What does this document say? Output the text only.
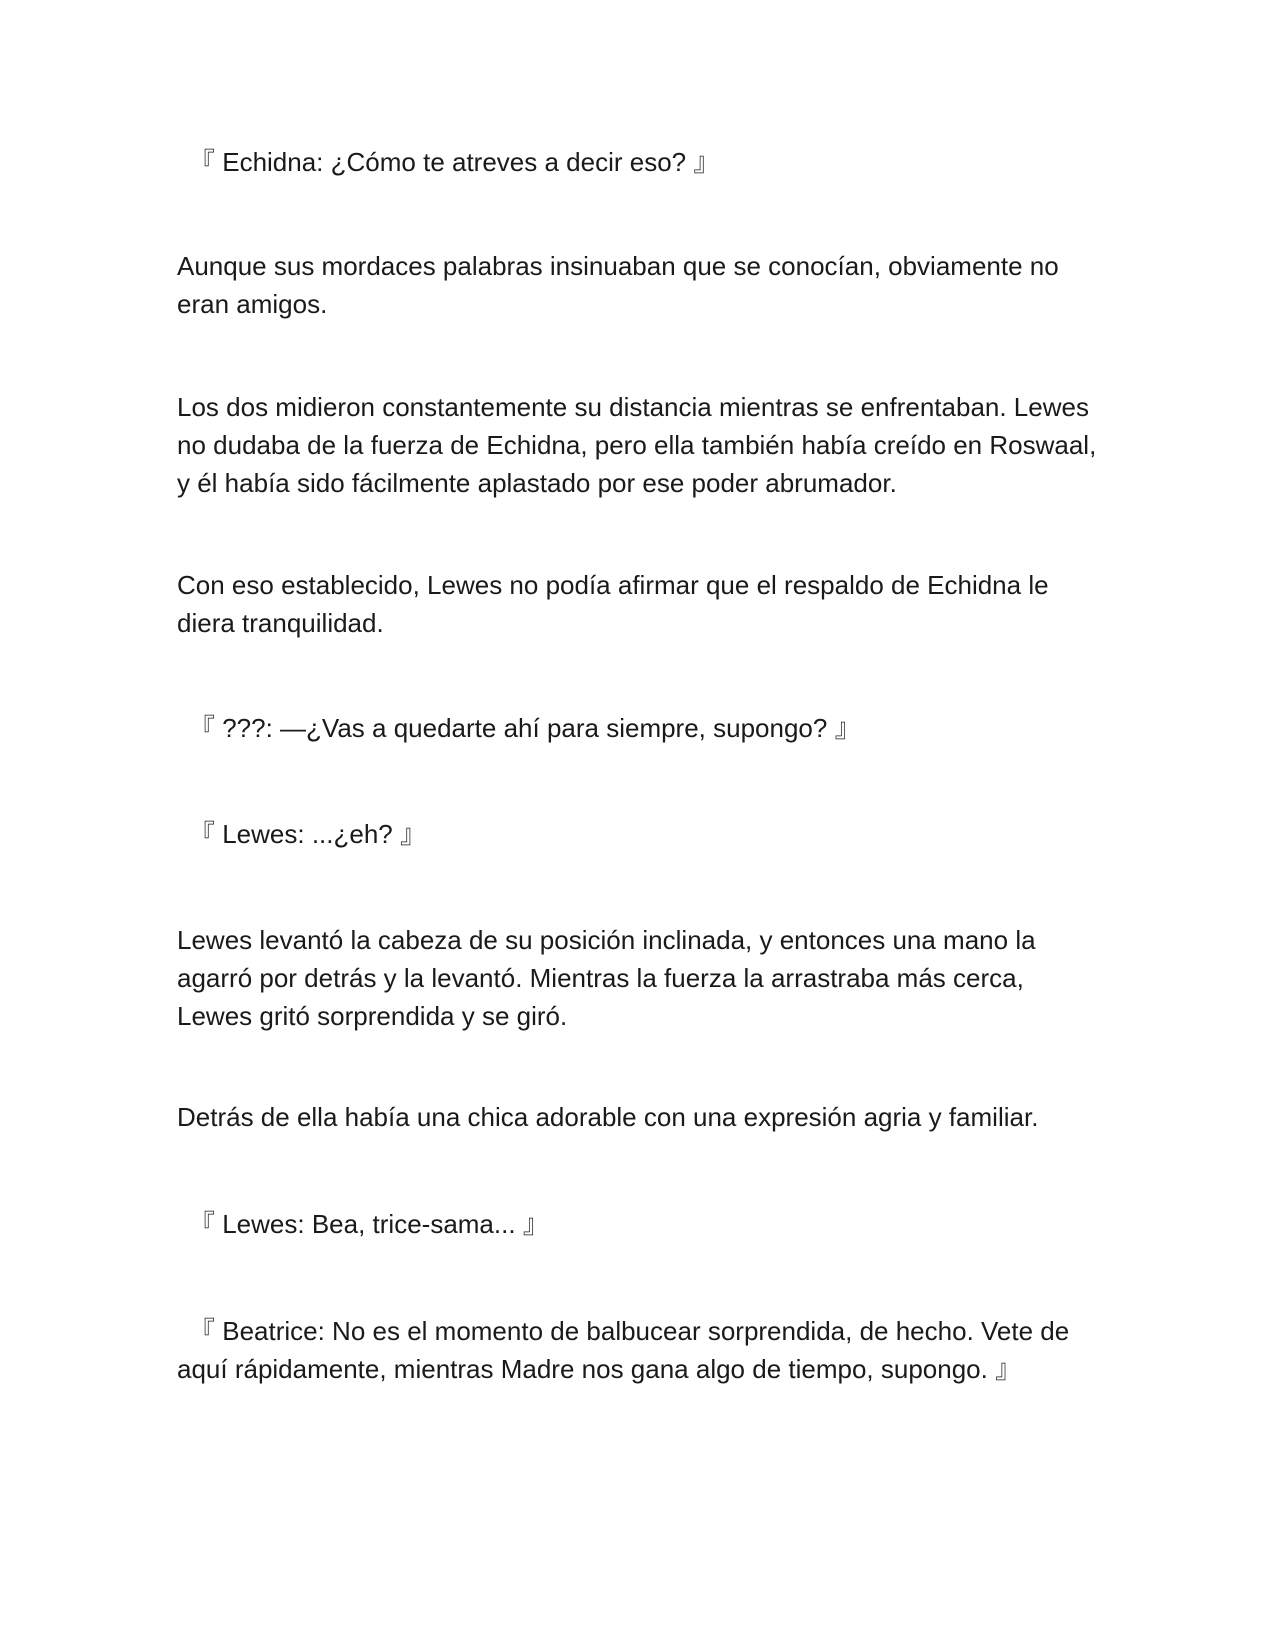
『 Echidna: ¿Cómo te atreves a decir eso? 』

Aunque sus mordaces palabras insinuaban que se conocían, obviamente no eran amigos.

Los dos midieron constantemente su distancia mientras se enfrentaban. Lewes no dudaba de la fuerza de Echidna, pero ella también había creído en Roswaal, y él había sido fácilmente aplastado por ese poder abrumador.

Con eso establecido, Lewes no podía afirmar que el respaldo de Echidna le diera tranquilidad.

『 ???: —¿Vas a quedarte ahí para siempre, supongo? 』

『 Lewes: ...¿eh? 』

Lewes levantó la cabeza de su posición inclinada, y entonces una mano la agarró por detrás y la levantó. Mientras la fuerza la arrastraba más cerca, Lewes gritó sorprendida y se giró.

Detrás de ella había una chica adorable con una expresión agria y familiar.

『 Lewes: Bea, trice-sama... 』

『 Beatrice: No es el momento de balbucear sorprendida, de hecho. Vete de aquí rápidamente, mientras Madre nos gana algo de tiempo, supongo. 』
